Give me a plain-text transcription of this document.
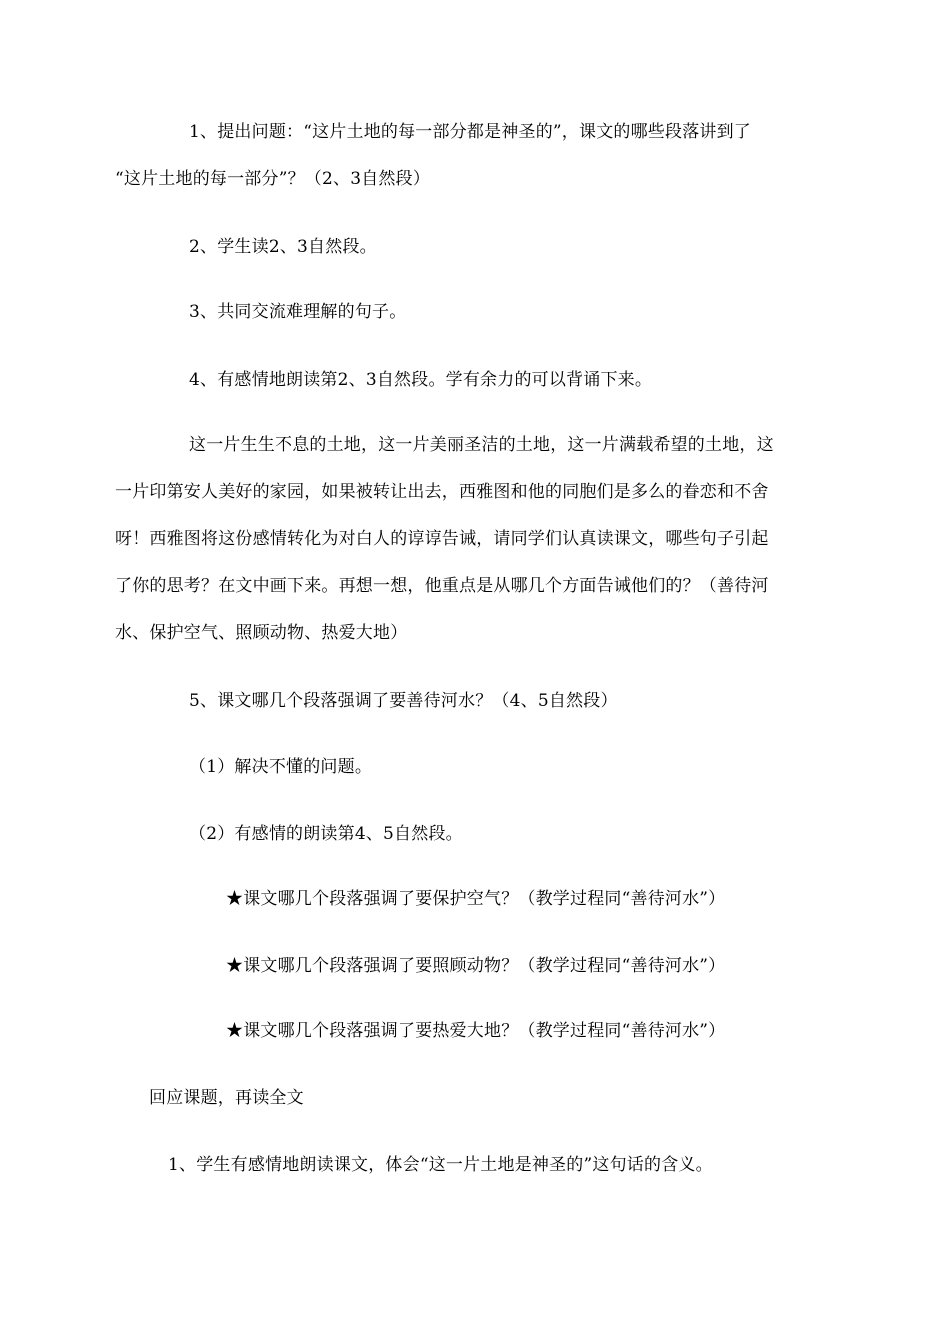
1、提出问题：“这片土地的每一部分都是神圣的”，课文的哪些段落讲到了
“这片土地的每一部分”？（2、3自然段）
2、学生读2、3自然段。
3、共同交流难理解的句子。
4、有感情地朗读第2、3自然段。学有余力的可以背诵下来。
这一片生生不息的土地，这一片美丽圣洁的土地，这一片满载希望的土地，这
一片印第安人美好的家园，如果被转让出去，西雅图和他的同胞们是多么的眷恋和不舍
呀！西雅图将这份感情转化为对白人的谆谆告诫，请同学们认真读课文，哪些句子引起
了你的思考？在文中画下来。再想一想，他重点是从哪几个方面告诫他们的？（善待河
水、保护空气、照顾动物、热爱大地）
5、课文哪几个段落强调了要善待河水？（4、5自然段）
（1）解决不懂的问题。
（2）有感情的朗读第4、5自然段。
★课文哪几个段落强调了要保护空气？（教学过程同“善待河水”）
★课文哪几个段落强调了要照顾动物？（教学过程同“善待河水”）
★课文哪几个段落强调了要热爱大地？（教学过程同“善待河水”）
回应课题，再读全文
1、学生有感情地朗读课文，体会“这一片土地是神圣的”这句话的含义。
